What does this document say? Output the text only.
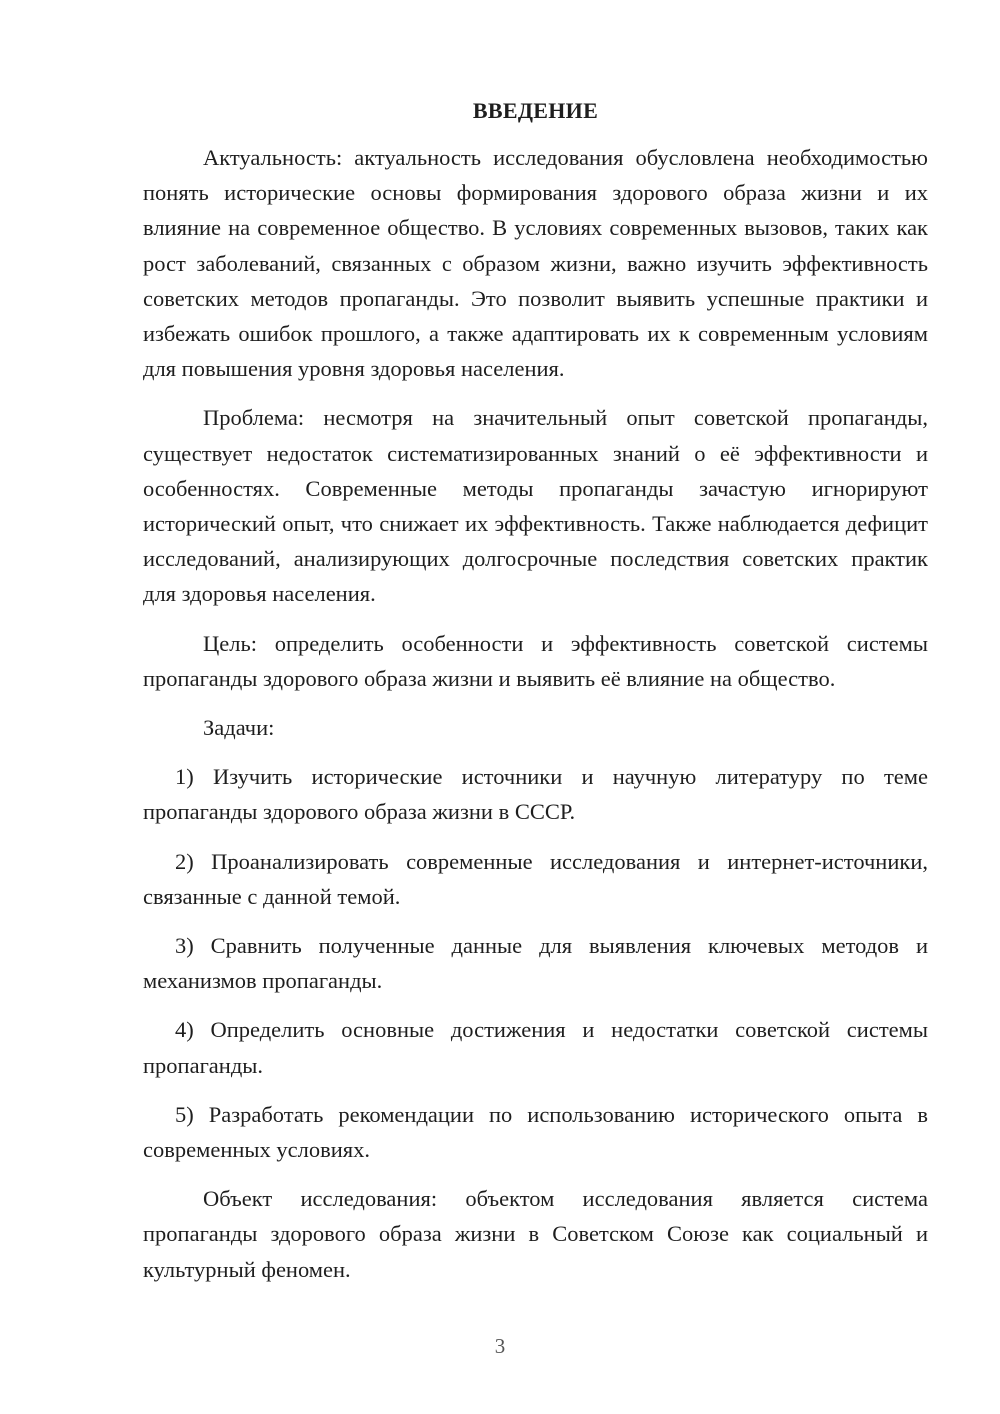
ВВЕДЕНИЕ

Актуальность: актуальность исследования обусловлена необходимостью понять исторические основы формирования здорового образа жизни и их влияние на современное общество. В условиях современных вызовов, таких как рост заболеваний, связанных с образом жизни, важно изучить эффективность советских методов пропаганды. Это позволит выявить успешные практики и избежать ошибок прошлого, а также адаптировать их к современным условиям для повышения уровня здоровья населения.

Проблема: несмотря на значительный опыт советской пропаганды, существует недостаток систематизированных знаний о её эффективности и особенностях. Современные методы пропаганды зачастую игнорируют исторический опыт, что снижает их эффективность. Также наблюдается дефицит исследований, анализирующих долгосрочные последствия советских практик для здоровья населения.

Цель: определить особенности и эффективность советской системы пропаганды здорового образа жизни и выявить её влияние на общество.

Задачи:

1) Изучить исторические источники и научную литературу по теме пропаганды здорового образа жизни в СССР.

2) Проанализировать современные исследования и интернет-источники, связанные с данной темой.

3) Сравнить полученные данные для выявления ключевых методов и механизмов пропаганды.

4) Определить основные достижения и недостатки советской системы пропаганды.

5) Разработать рекомендации по использованию исторического опыта в современных условиях.

Объект исследования: объектом исследования является система пропаганды здорового образа жизни в Советском Союзе как социальный и культурный феномен.

3
